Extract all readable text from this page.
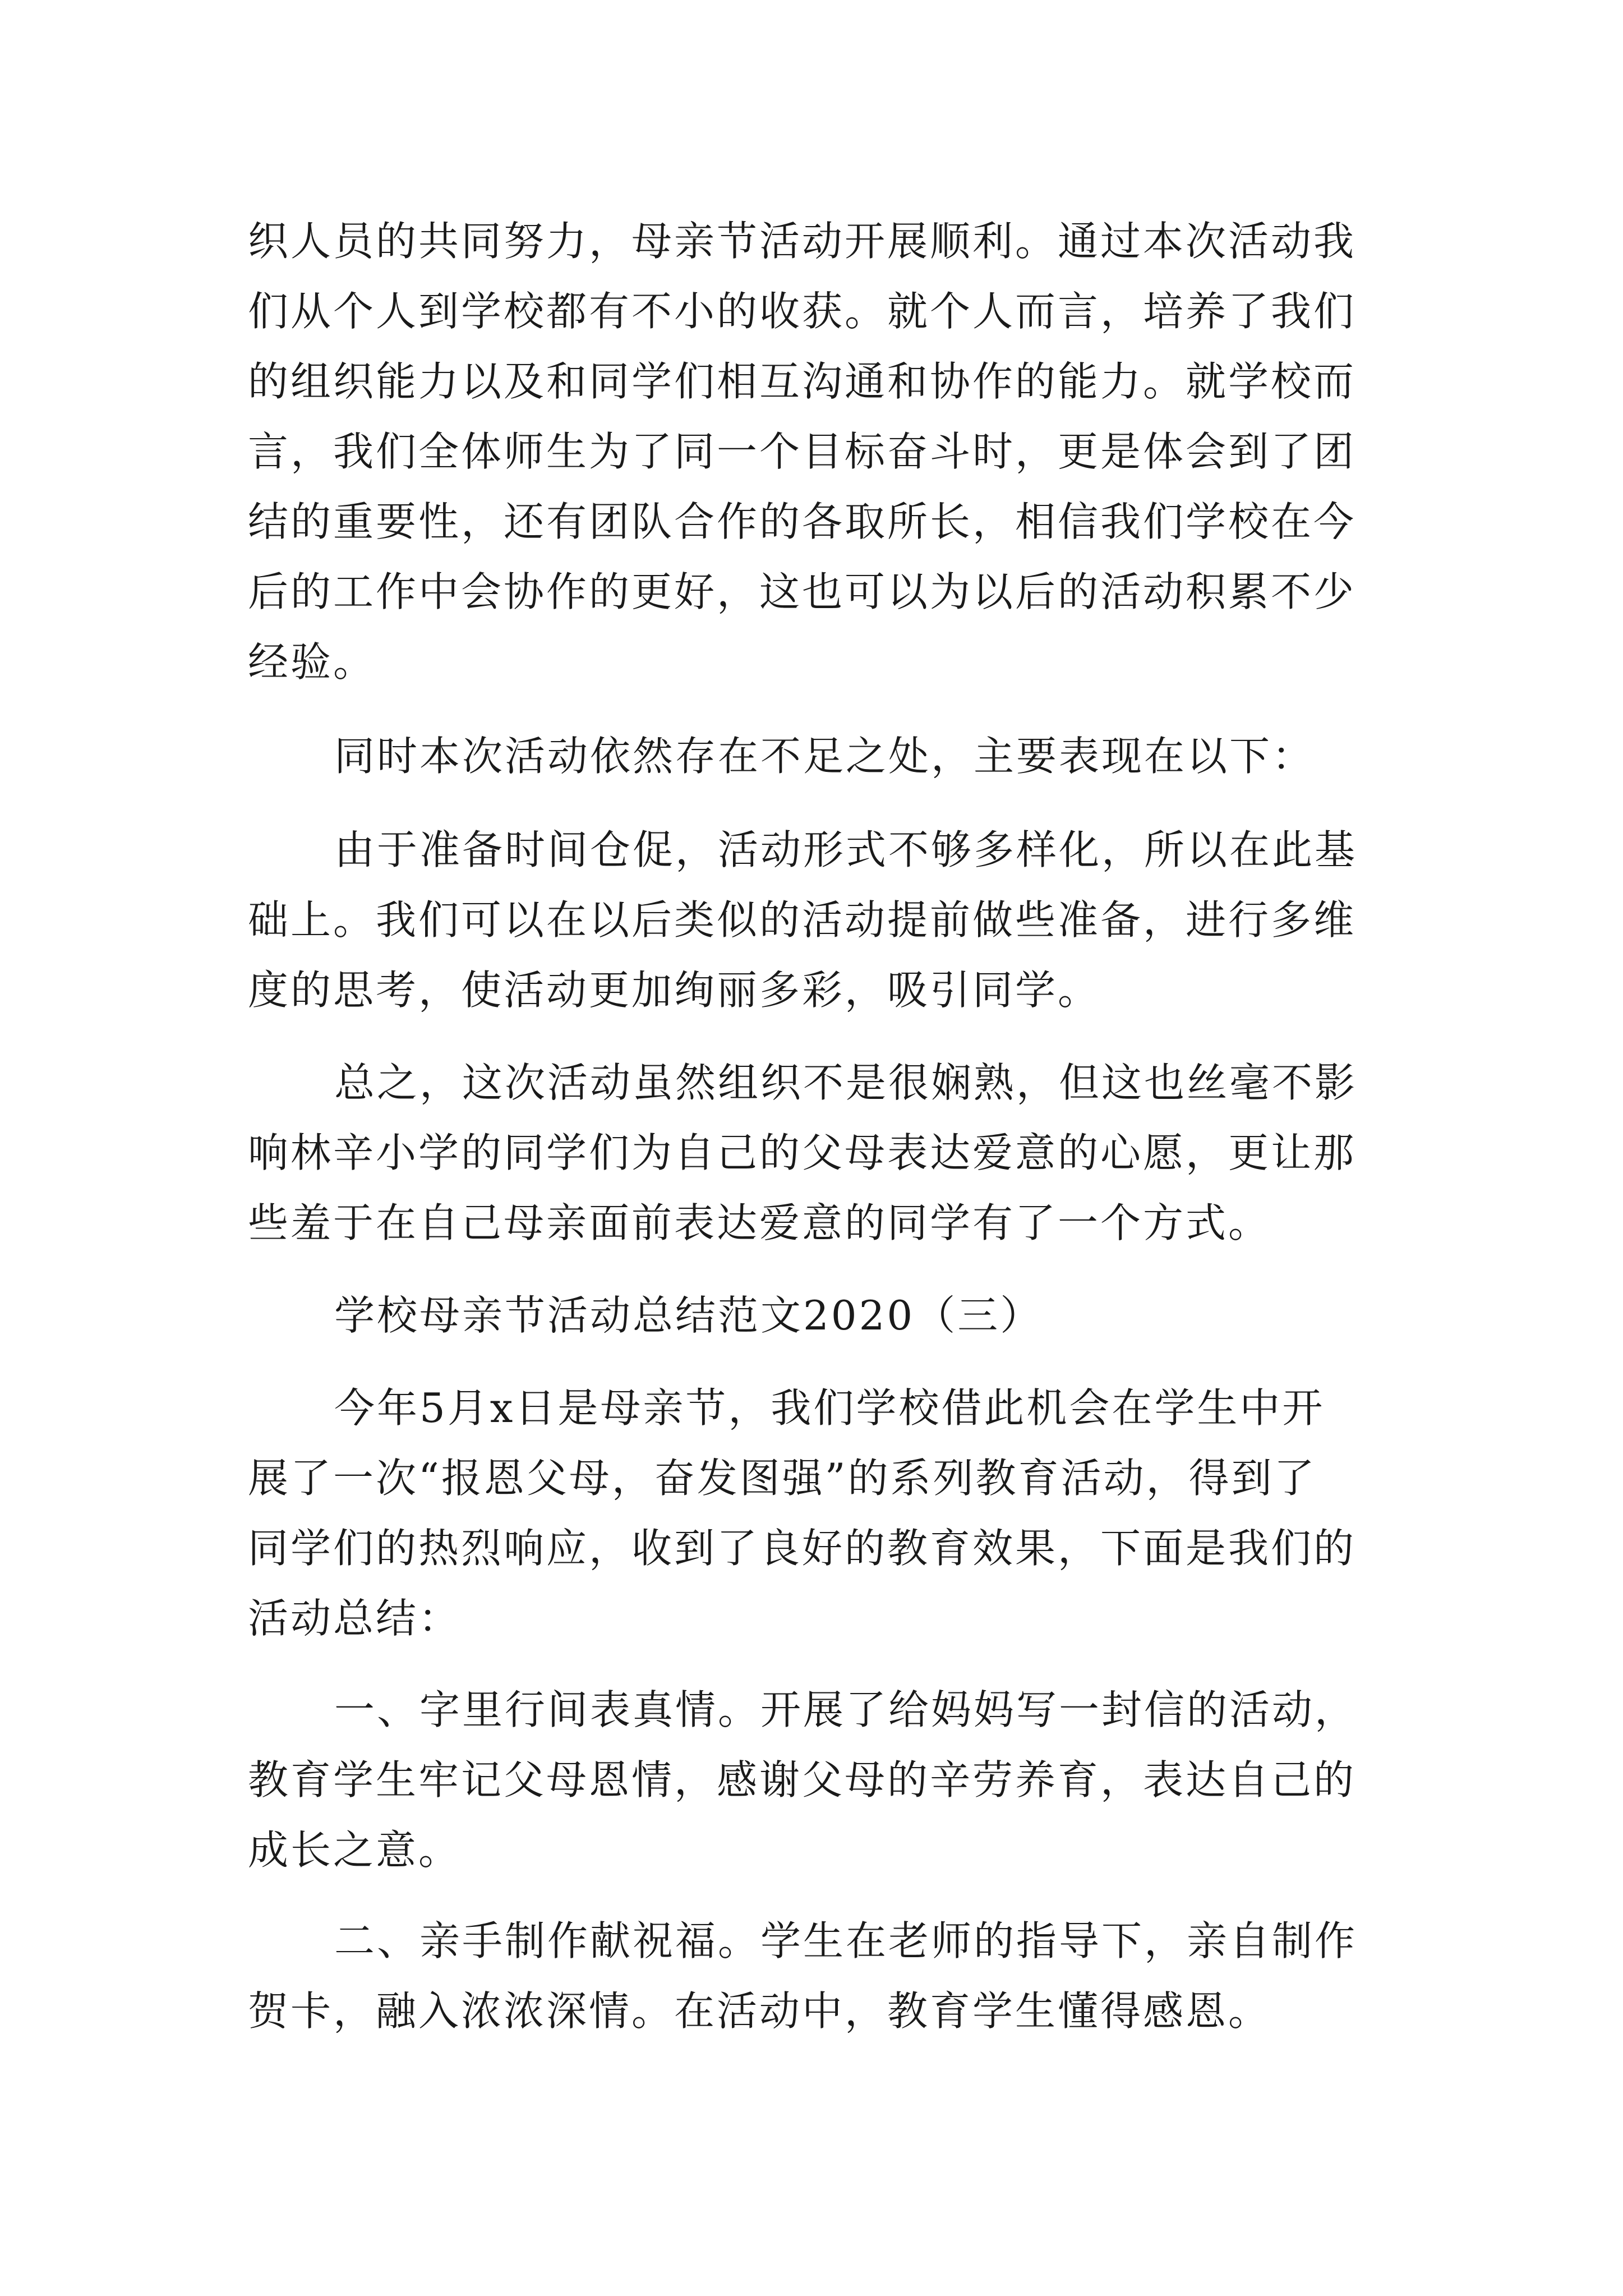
织人员的共同努力，母亲节活动开展顺利。通过本次活动我
们从个人到学校都有不小的收获。就个人而言，培养了我们
的组织能力以及和同学们相互沟通和协作的能力。就学校而
言，我们全体师生为了同一个目标奋斗时，更是体会到了团
结的重要性，还有团队合作的各取所长，相信我们学校在今
后的工作中会协作的更好，这也可以为以后的活动积累不少
经验。
同时本次活动依然存在不足之处，主要表现在以下：
由于准备时间仓促，活动形式不够多样化，所以在此基
础上。我们可以在以后类似的活动提前做些准备，进行多维
度的思考，使活动更加绚丽多彩，吸引同学。
总之，这次活动虽然组织不是很娴熟，但这也丝毫不影
响林辛小学的同学们为自己的父母表达爱意的心愿，更让那
些羞于在自己母亲面前表达爱意的同学有了一个方式。
学校母亲节活动总结范文2020（三）
今年5月x日是母亲节，我们学校借此机会在学生中开
展了一次“报恩父母，奋发图强”的系列教育活动，得到了
同学们的热烈响应，收到了良好的教育效果，下面是我们的
活动总结：
一、字里行间表真情。开展了给妈妈写一封信的活动，
教育学生牢记父母恩情，感谢父母的辛劳养育，表达自己的
成长之意。
二、亲手制作献祝福。学生在老师的指导下，亲自制作
贺卡，融入浓浓深情。在活动中，教育学生懂得感恩。
